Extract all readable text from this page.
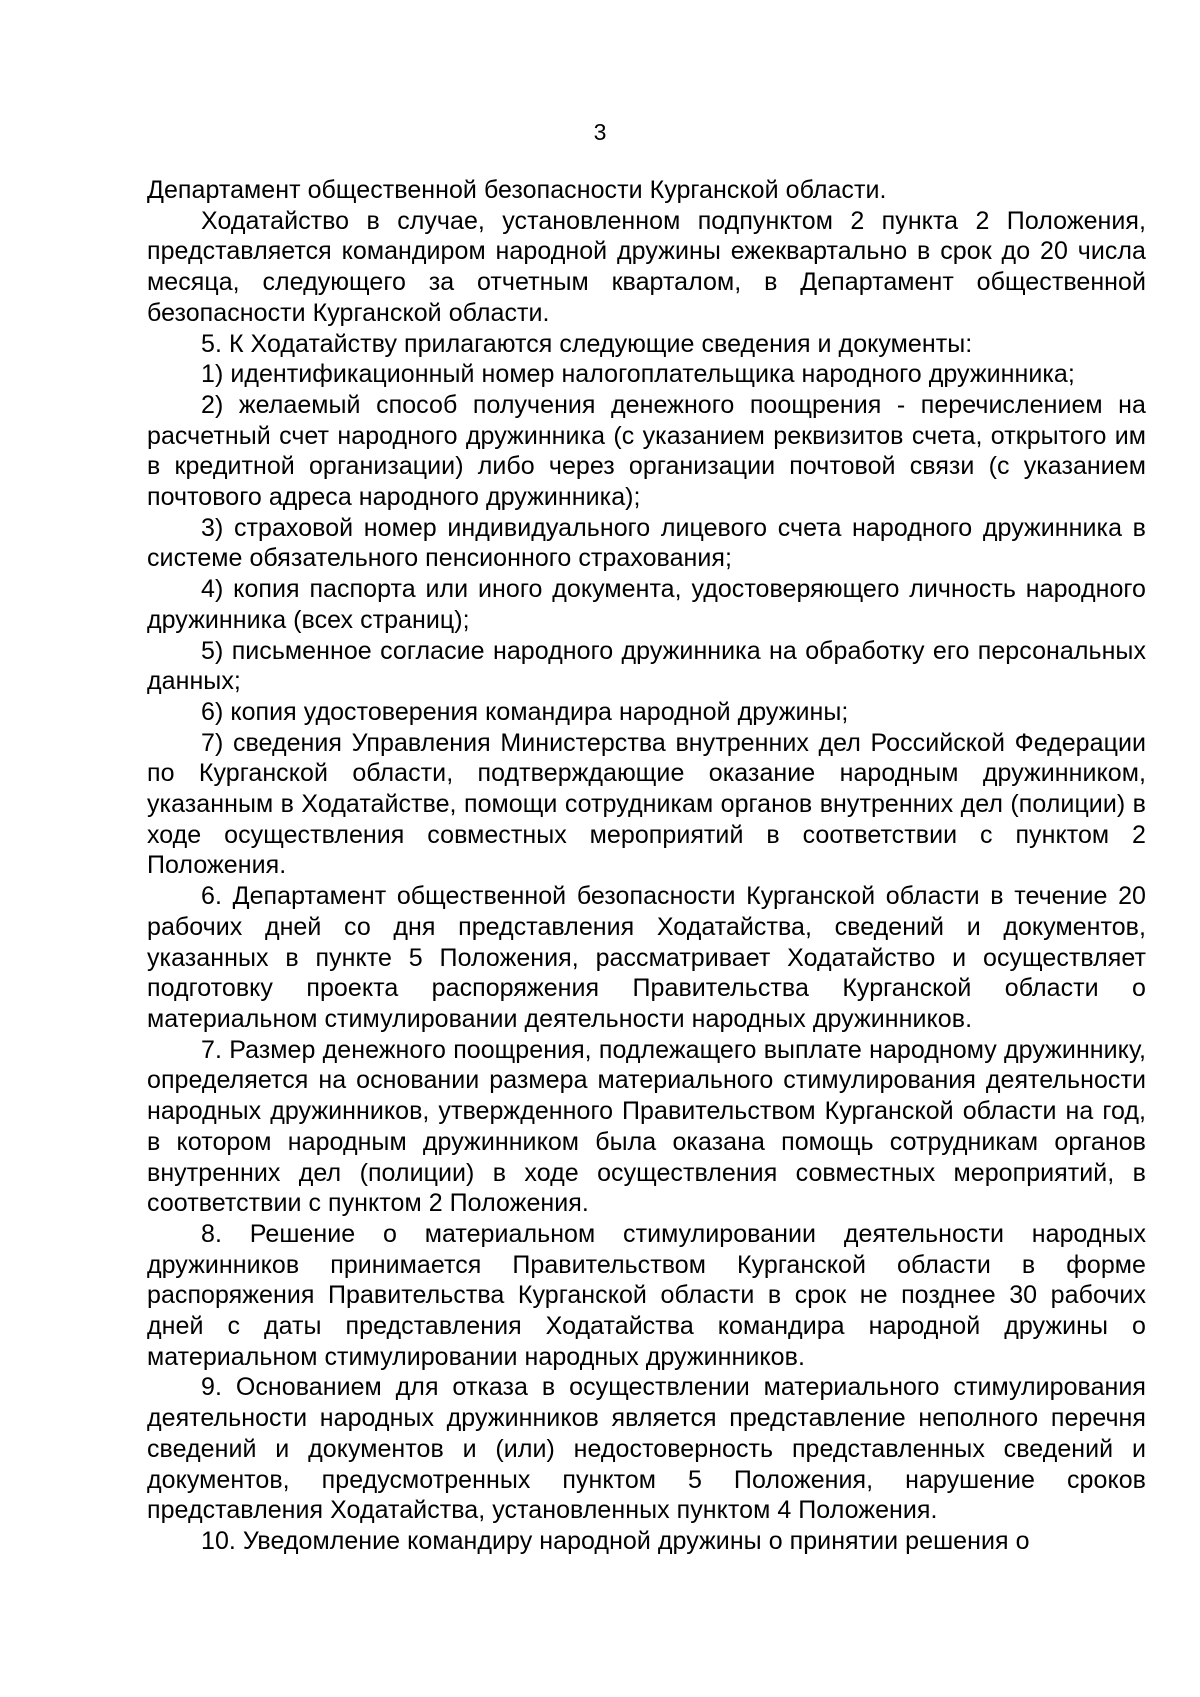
3

Департамент общественной безопасности Курганской области.

Ходатайство в случае, установленном подпунктом 2 пункта 2 Положения, представляется командиром народной дружины ежеквартально в срок до 20 числа месяца, следующего за отчетным кварталом, в Департамент общественной безопасности Курганской области.

5. К Ходатайству прилагаются следующие сведения и документы:

1) идентификационный номер налогоплательщика народного дружинника;

2) желаемый способ получения денежного поощрения - перечислением на расчетный счет народного дружинника (с указанием реквизитов счета, открытого им в кредитной организации) либо через организации почтовой связи (с указанием почтового адреса народного дружинника);

3) страховой номер индивидуального лицевого счета народного дружинника в системе обязательного пенсионного страхования;

4) копия паспорта или иного документа, удостоверяющего личность народного дружинника (всех страниц);

5) письменное согласие народного дружинника на обработку его персональных данных;

6) копия удостоверения командира народной дружины;

7) сведения Управления Министерства внутренних дел Российской Федерации по Курганской области, подтверждающие оказание народным дружинником, указанным в Ходатайстве, помощи сотрудникам органов внутренних дел (полиции) в ходе осуществления совместных мероприятий в соответствии с пунктом 2 Положения.

6. Департамент общественной безопасности Курганской области в течение 20 рабочих дней со дня представления Ходатайства, сведений и документов, указанных в пункте 5 Положения, рассматривает Ходатайство и осуществляет подготовку проекта распоряжения Правительства Курганской области о материальном стимулировании деятельности народных дружинников.

7. Размер денежного поощрения, подлежащего выплате народному дружиннику, определяется на основании размера материального стимулирования деятельности народных дружинников, утвержденного Правительством Курганской области на год, в котором народным дружинником была оказана помощь сотрудникам органов внутренних дел (полиции) в ходе осуществления совместных мероприятий, в соответствии с пунктом 2 Положения.

8. Решение о материальном стимулировании деятельности народных дружинников принимается Правительством Курганской области в форме распоряжения Правительства Курганской области в срок не позднее 30 рабочих дней с даты представления Ходатайства командира народной дружины о материальном стимулировании народных дружинников.

9. Основанием для отказа в осуществлении материального стимулирования деятельности народных дружинников является представление неполного перечня сведений и документов и (или) недостоверность представленных сведений и документов, предусмотренных пунктом 5 Положения, нарушение сроков представления Ходатайства, установленных пунктом 4 Положения.

10. Уведомление командиру народной дружины о принятии решения о
